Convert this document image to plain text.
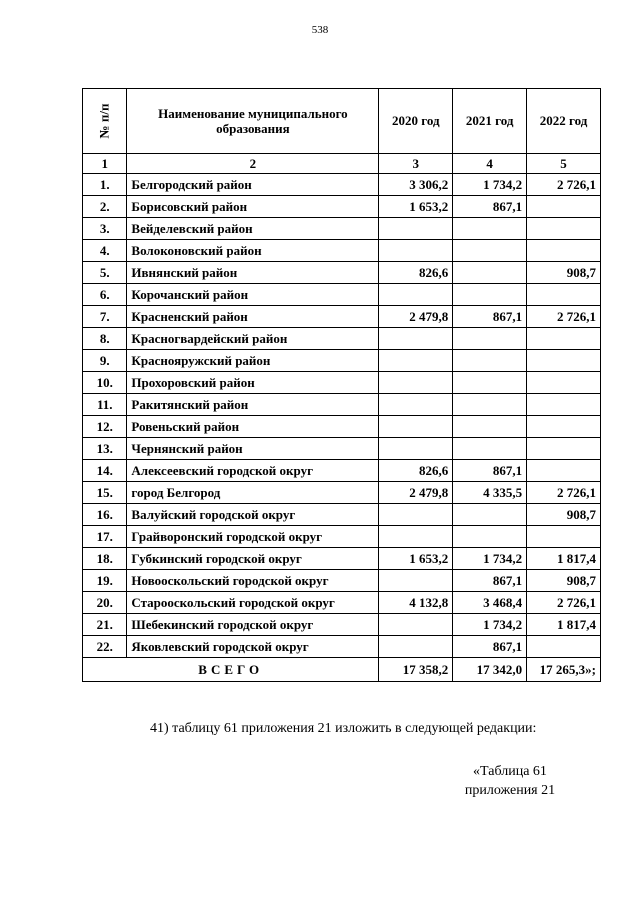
538
№ п/п	Наименование муниципального образования	2020 год	2021 год	2022 год
1	2	3	4	5
1.	Белгородский район	3 306,2	1 734,2	2 726,1
2.	Борисовский район	1 653,2	867,1	
3.	Вейделевский район			
4.	Волоконовский район			
5.	Ивнянский район	826,6		908,7
6.	Корочанский район			
7.	Красненский район	2 479,8	867,1	2 726,1
8.	Красногвардейский район			
9.	Краснояружский район			
10.	Прохоровский район			
11.	Ракитянский район			
12.	Ровеньский район			
13.	Чернянский район			
14.	Алексеевский городской округ	826,6	867,1	
15.	город Белгород	2 479,8	4 335,5	2 726,1
16.	Валуйский городской округ			908,7
17.	Грайворонский городской округ			
18.	Губкинский городской округ	1 653,2	1 734,2	1 817,4
19.	Новооскольский городской округ		867,1	908,7
20.	Старооскольский городской округ	4 132,8	3 468,4	2 726,1
21.	Шебекинский городской округ		1 734,2	1 817,4
22.	Яковлевский городской округ		867,1	
ВСЕГО		17 358,2	17 342,0	17 265,3»;
41) таблицу 61 приложения 21 изложить в следующей редакции:
«Таблица 61
приложения 21
